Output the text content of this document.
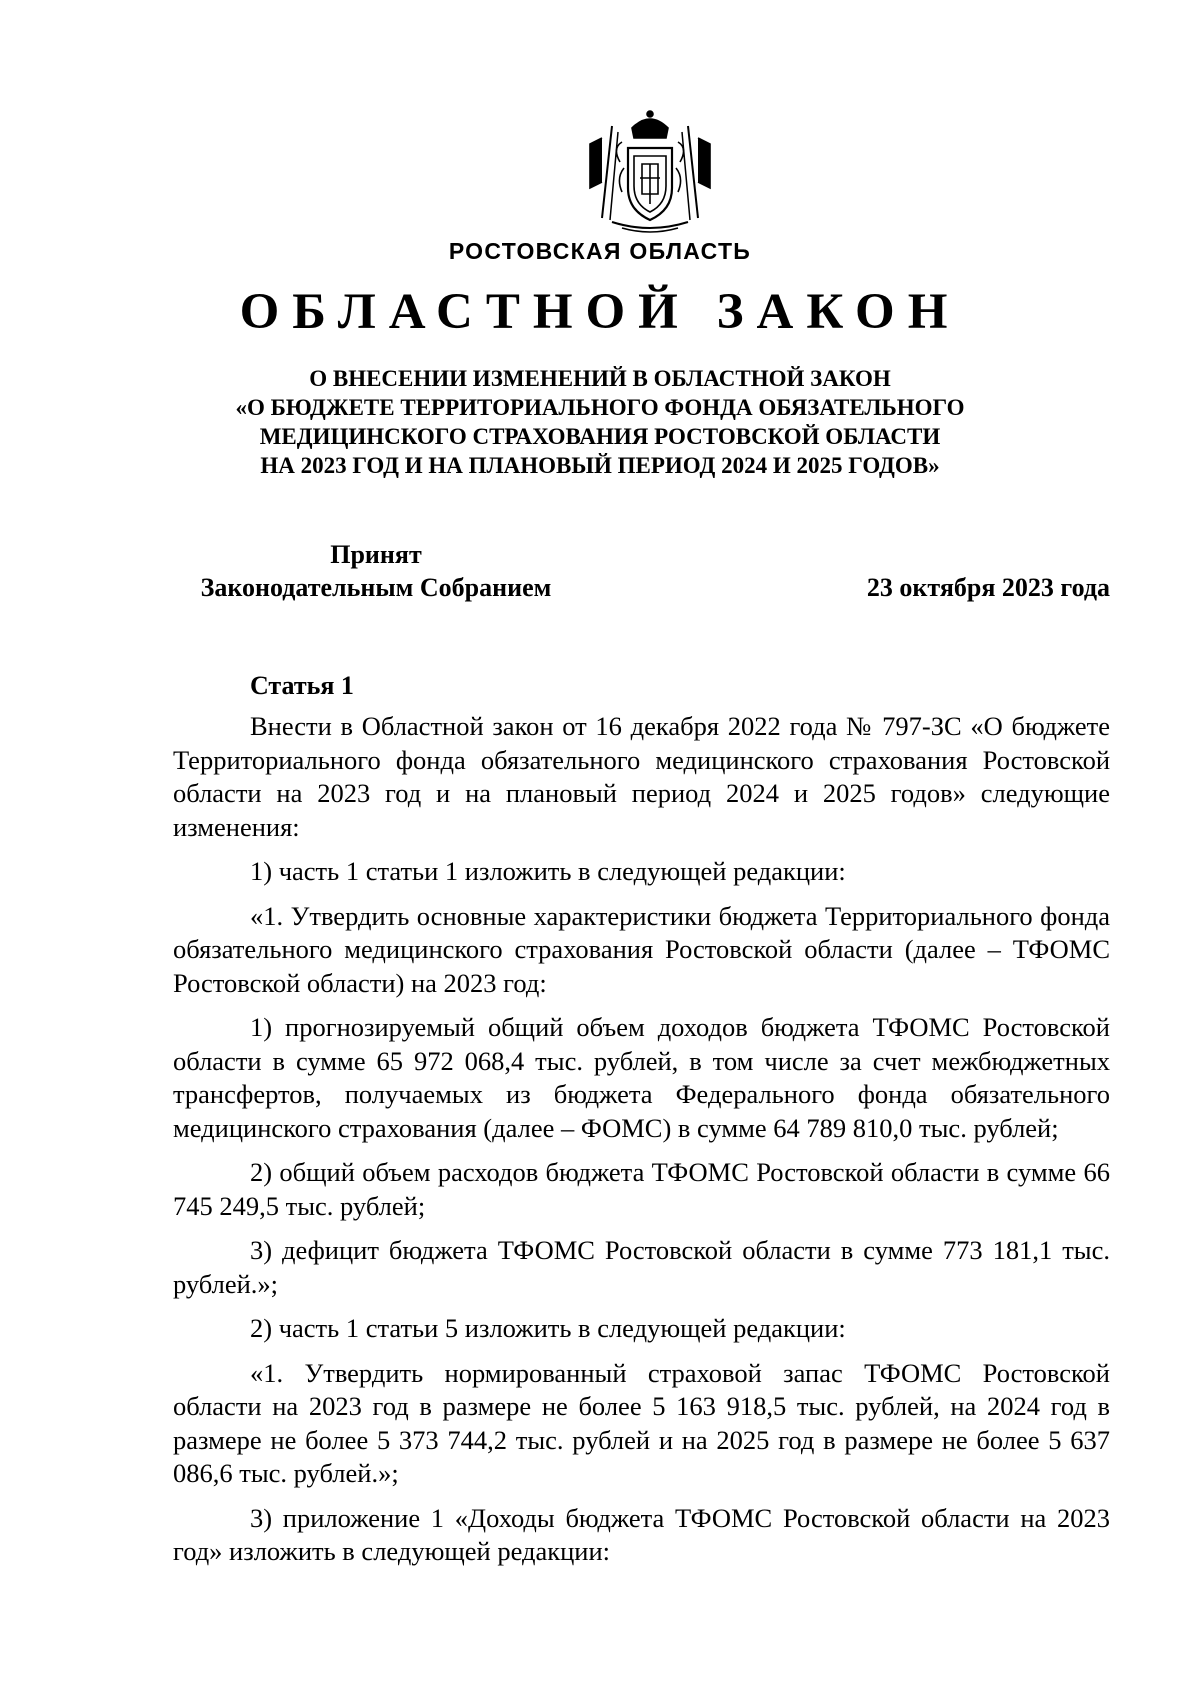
РОСТОВСКАЯ ОБЛАСТЬ
ОБЛАСТНОЙ ЗАКОН
О ВНЕСЕНИИ ИЗМЕНЕНИЙ В ОБЛАСТНОЙ ЗАКОН
«О БЮДЖЕТЕ ТЕРРИТОРИАЛЬНОГО ФОНДА ОБЯЗАТЕЛЬНОГО
МЕДИЦИНСКОГО СТРАХОВАНИЯ РОСТОВСКОЙ ОБЛАСТИ
НА 2023 ГОД И НА ПЛАНОВЫЙ ПЕРИОД 2024 И 2025 ГОДОВ»
Принят
Законодательным Собранием	23 октября 2023 года
Статья 1

Внести в Областной закон от 16 декабря 2022 года № 797-ЗС «О бюджете Территориального фонда обязательного медицинского страхования Ростовской области на 2023 год и на плановый период 2024 и 2025 годов» следующие изменения:

1) часть 1 статьи 1 изложить в следующей редакции:

«1. Утвердить основные характеристики бюджета Территориального фонда обязательного медицинского страхования Ростовской области (далее – ТФОМС Ростовской области) на 2023 год:

1) прогнозируемый общий объем доходов бюджета ТФОМС Ростовской области в сумме 65 972 068,4 тыс. рублей, в том числе за счет межбюджетных трансфертов, получаемых из бюджета Федерального фонда обязательного медицинского страхования (далее – ФОМС) в сумме 64 789 810,0 тыс. рублей;

2) общий объем расходов бюджета ТФОМС Ростовской области в сумме 66 745 249,5 тыс. рублей;

3) дефицит бюджета ТФОМС Ростовской области в сумме 773 181,1 тыс. рублей.»;

2) часть 1 статьи 5 изложить в следующей редакции:

«1. Утвердить нормированный страховой запас ТФОМС Ростовской области на 2023 год в размере не более 5 163 918,5 тыс. рублей, на 2024 год в размере не более 5 373 744,2 тыс. рублей и на 2025 год в размере не более 5 637 086,6 тыс. рублей.»;

3) приложение 1 «Доходы бюджета ТФОМС Ростовской области на 2023 год» изложить в следующей редакции:
